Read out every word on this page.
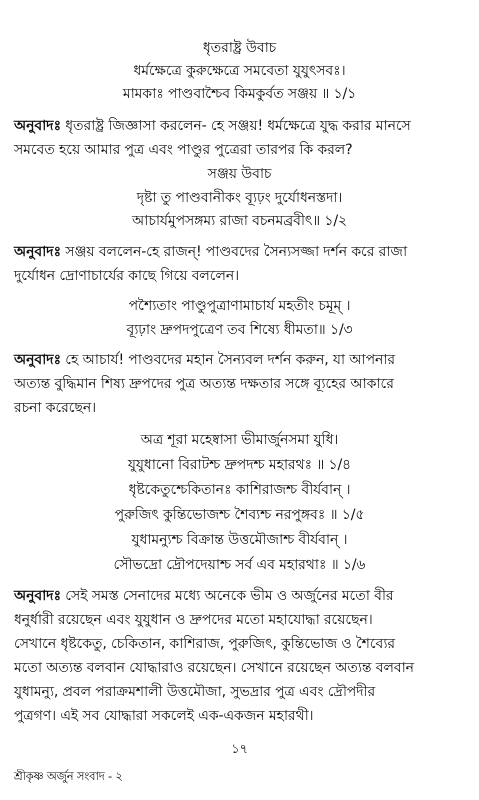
ধৃতরাষ্ট্র উবাচ
ধর্মক্ষেত্রে কুরুক্ষেত্রে সমবেতা যুযুৎসবঃ।
মামকাঃ পাণ্ডবাশ্চৈব কিমকুর্বত সঞ্জয় ॥ ১/১
অনুবাদঃ ধৃতরাষ্ট্র জিজ্ঞাসা করলেন- হে সঞ্জয়! ধর্মক্ষেত্রে যুদ্ধ করার মানসে
সমবেত হয়ে আমার পুত্র এবং পাণ্ডুর পুত্রেরা তারপর কি করল?
সঞ্জয় উবাচ
দৃষ্টা তু পাণ্ডবানীকং ব্যূঢ়ং দুর্যোধনস্তদা।
আচার্যমুপসঙ্গম্য রাজা বচনমব্রবীৎ॥ ১/২
অনুবাদঃ সঞ্জয় বললেন-হে রাজন্! পাণ্ডবদের সৈন্যসজ্জা দর্শন করে রাজা
দুর্যোধন দ্রোণাচার্যের কাছে গিয়ে বললেন।
পশ্যৈতাং পাণ্ডুপুত্রাণামাচার্য মহতীং চমূম্ ।
ব্যূঢ়াং দ্রুপদপুত্রেণ তব শিষ্যে ধীমতা॥ ১/৩
অনুবাদঃ হে আচার্য! পাণ্ডবদের মহান সৈন্যবল দর্শন করুন, যা আপনার
অত্যন্ত বুদ্ধিমান শিষ্য দ্রুপদের পুত্র অত্যন্ত দক্ষতার সঙ্গে ব্যূহের আকারে
রচনা করেছেন।
অত্র শূরা মহেষ্বাসা ভীমার্জুনসমা যুধি।
যুযুধানো বিরাটশ্চ দ্রুপদশ্চ মহারথঃ ॥ ১/৪
ধৃষ্টকেতুশ্চেকিতানঃ কাশিরাজশ্চ বীর্যবান্ ।
পুরুজিৎ কুন্তিভোজশ্চ শৈব্যশ্চ নরপুঙ্গবঃ ॥ ১/৫
যুধামন্যুশ্চ বিক্রান্ত উত্তমৌজাশ্চ বীর্যবান্ ।
সৌভদ্রো দ্রৌপদেয়াশ্চ সর্ব এব মহারথাঃ ॥ ১/৬
অনুবাদঃ সেই সমস্ত সেনাদের মধ্যে অনেকে ভীম ও অর্জুনের মতো বীর
ধনুর্ধারী রয়েছেন এবং যুযুধান ও দ্রুপদের মতো মহাযোদ্ধা রয়েছেন।
সেখানে ধৃষ্টকেতু, চেকিতান, কাশিরাজ, পুরুজিৎ, কুন্তিভোজ ও শৈব্যের
মতো অত্যন্ত বলবান যোদ্ধারাও রয়েছেন। সেখানে রয়েছেন অত্যন্ত বলবান
যুধামন্যু, প্রবল পরাক্রমশালী উত্তমৌজা, সুভদ্রার পুত্র এবং দ্রৌপদীর
পুত্রগণ। এই সব যোদ্ধারা সকলেই এক-একজন মহারথী।
১৭
শ্রীকৃষ্ণ অর্জুন সংবাদ - ২
